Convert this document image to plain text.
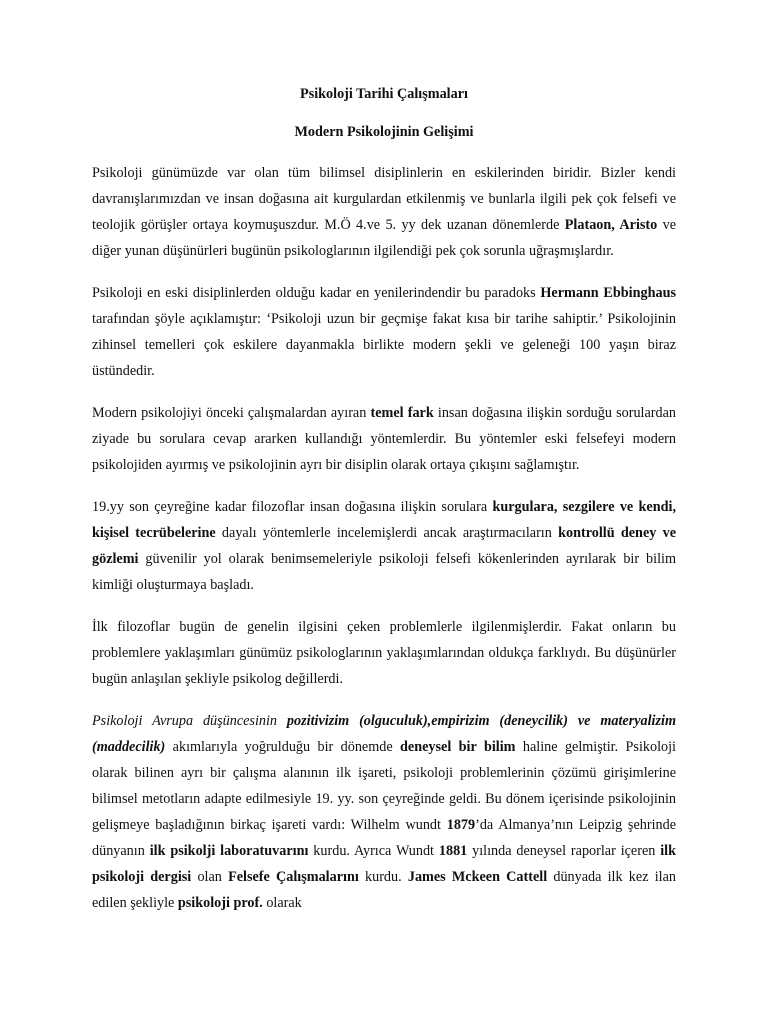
Psikoloji Tarihi Çalışmaları
Modern Psikolojinin Gelişimi

Psikoloji günümüzde var olan tüm bilimsel disiplinlerin en eskilerinden biridir. Bizler kendi davranışlarımızdan ve insan doğasına ait kurgulardan etkilenmiş ve bunlarla ilgili pek çok felsefi ve teolojik görüşler ortaya koymuşuszdur. M.Ö 4.ve 5. yy dek uzanan dönemlerde Plataon, Aristo ve diğer yunan düşünürleri bugünün psikologlarının ilgilendiği pek çok sorunla uğraşmışlardır.

Psikoloji en eski disiplinlerden olduğu kadar en yenilerindendir bu paradoks Hermann Ebbinghaus tarafından şöyle açıklamıştır: ‘Psikoloji uzun bir geçmişe fakat kısa bir tarihe sahiptir.’ Psikolojinin zihinsel temelleri çok eskilere dayanmakla birlikte modern şekli ve geleneği 100 yaşın biraz üstündedir.

Modern psikolojiyi önceki çalışmalardan ayıran temel fark insan doğasına ilişkin sorduğu sorulardan ziyade bu sorulara cevap ararken kullandığı yöntemlerdir. Bu yöntemler eski felsefeyi modern psikolojiden ayırmış ve psikolojinin ayrı bir disiplin olarak ortaya çıkışını sağlamıştır.

19.yy son çeyreğine kadar filozoflar insan doğasına ilişkin sorulara kurgulara, sezgilere ve kendi, kişisel tecrübelerine dayalı yöntemlerle incelemişlerdi ancak araştırmacıların kontrollü deney ve gözlemi güvenilir yol olarak benimsemeleriyle psikoloji felsefi kökenlerinden ayrılarak bir bilim kimliği oluşturmaya başladı.

İlk filozoflar bugün de genelin ilgisini çeken problemlerle ilgilenmişlerdir. Fakat onların bu problemlere yaklaşımları günümüz psikologlarının yaklaşımlarından oldukça farklıydı. Bu düşünürler bugün anlaşılan şekliyle psikolog değillerdi.

Psikoloji Avrupa düşüncesinin pozitivizim (olguculuk),empirizim (deneycilik) ve materyalizim (maddecilik) akımlarıyla yoğrulduğu bir dönemde deneysel bir bilim haline gelmiştir. Psikoloji olarak bilinen ayrı bir çalışma alanının ilk işareti, psikoloji problemlerinin çözümü girişimlerine bilimsel metotların adapte edilmesiyle 19. yy. son çeyreğinde geldi. Bu dönem içerisinde psikolojinin gelişmeye başladığının birkaç işareti vardı: Wilhelm wundt 1879’da Almanya’nın Leipzig şehrinde dünyanın ilk psikolji laboratuvarını kurdu. Ayrıca Wundt 1881 yılında deneysel raporlar içeren ilk psikoloji dergisi olan Felsefe Çalışmalarını kurdu. James Mckeen Cattell dünyada ilk kez ilan edilen şekliyle psikoloji prof. olarak
